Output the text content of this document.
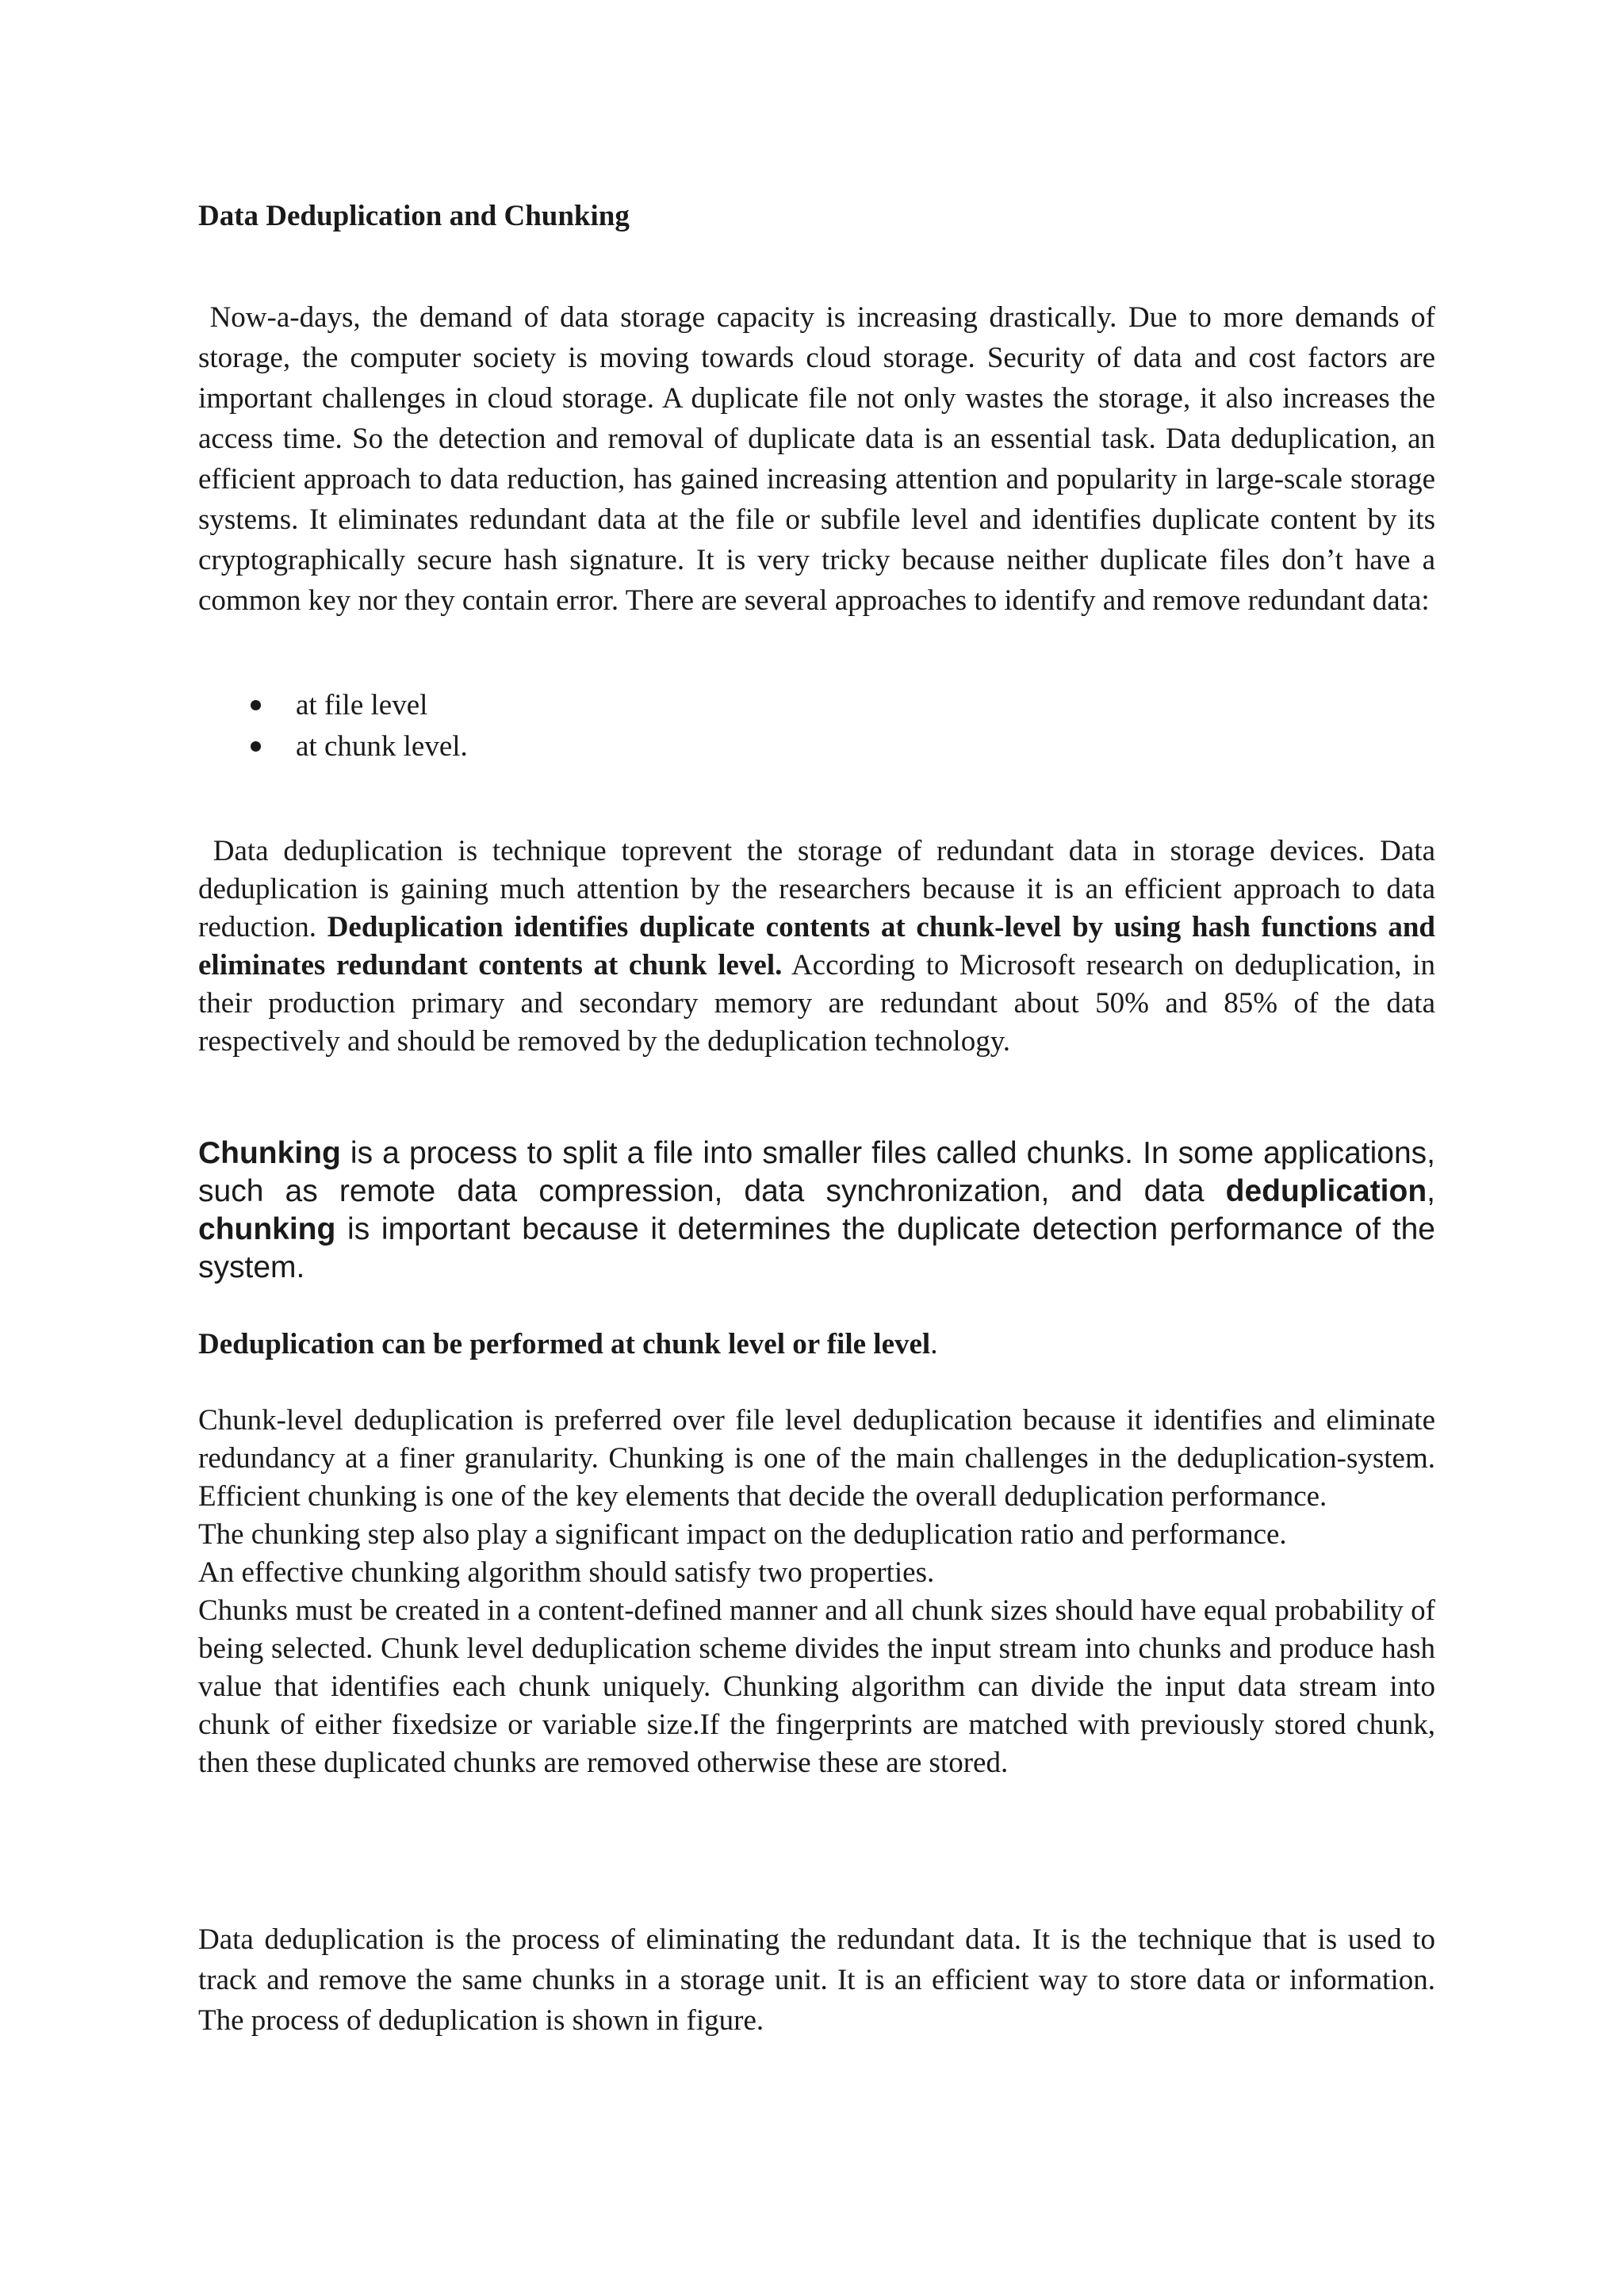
Data Deduplication and Chunking

Now-a-days, the demand of data storage capacity is increasing drastically. Due to more demands of storage, the computer society is moving towards cloud storage. Security of data and cost factors are important challenges in cloud storage. A duplicate file not only wastes the storage, it also increases the access time. So the detection and removal of duplicate data is an essential task. Data deduplication, an efficient approach to data reduction, has gained increasing attention and popularity in large-scale storage systems. It eliminates redundant data at the file or subfile level and identifies duplicate content by its cryptographically secure hash signature. It is very tricky because neither duplicate files don’t have a common key nor they contain error. There are several approaches to identify and remove redundant data:

at file level
at chunk level.

Data deduplication is technique toprevent the storage of redundant data in storage devices. Data deduplication is gaining much attention by the researchers because it is an efficient approach to data reduction. Deduplication identifies duplicate contents at chunk-level by using hash functions and eliminates redundant contents at chunk level. According to Microsoft research on deduplication, in their production primary and secondary memory are redundant about 50% and 85% of the data respectively and should be removed by the deduplication technology.

Chunking is a process to split a file into smaller files called chunks. In some applications, such as remote data compression, data synchronization, and data deduplication, chunking is important because it determines the duplicate detection performance of the system.

Deduplication can be performed at chunk level or file level.

Chunk-level deduplication is preferred over file level deduplication because it identifies and eliminate redundancy at a finer granularity. Chunking is one of the main challenges in the deduplication-system. Efficient chunking is one of the key elements that decide the overall deduplication performance.
The chunking step also play a significant impact on the deduplication ratio and performance.
An effective chunking algorithm should satisfy two properties.
Chunks must be created in a content-defined manner and all chunk sizes should have equal probability of being selected. Chunk level deduplication scheme divides the input stream into chunks and produce hash value that identifies each chunk uniquely. Chunking algorithm can divide the input data stream into chunk of either fixedsize or variable size.If the fingerprints are matched with previously stored chunk, then these duplicated chunks are removed otherwise these are stored.

Data deduplication is the process of eliminating the redundant data. It is the technique that is used to track and remove the same chunks in a storage unit. It is an efficient way to store data or information. The process of deduplication is shown in figure.
